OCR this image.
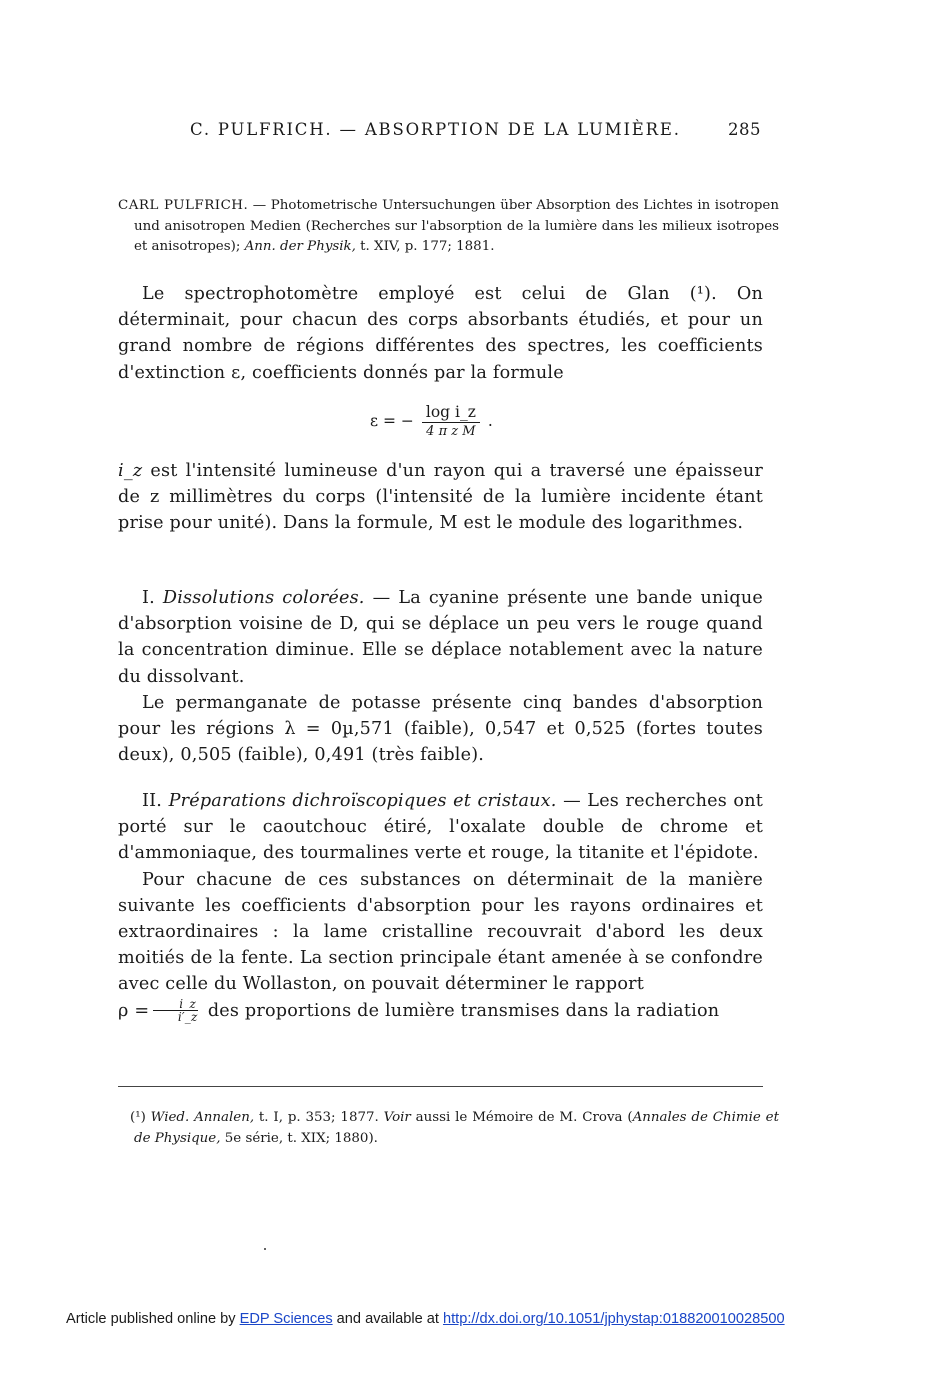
C. PULFRICH. — ABSORPTION DE LA LUMIÈRE.	285
CARL PULFRICH. — Photometrische Untersuchungen über Absorption des Lichtes in isotropen und anisotropen Medien (Recherches sur l'absorption de la lumière dans les milieux isotropes et anisotropes); Ann. der Physik, t. XIV, p. 177; 1881.

Le spectrophotomètre employé est celui de Glan (¹). On déterminait, pour chacun des corps absorbants étudiés, et pour un grand nombre de régions différentes des spectres, les coefficients d'extinction ε, coefficients donnés par la formule

ε = − $\frac{\text{log i\_z}}{\text{4 π z M}}$ .

i_z est l'intensité lumineuse d'un rayon qui a traversé une épaisseur de z millimètres du corps (l'intensité de la lumière incidente étant prise pour unité). Dans la formule, M est le module des logarithmes.

I. Dissolutions colorées. — La cyanine présente une bande unique d'absorption voisine de D, qui se déplace un peu vers le rouge quand la concentration diminue. Elle se déplace notablement avec la nature du dissolvant.

Le permanganate de potasse présente cinq bandes d'absorption pour les régions λ = 0µ,571 (faible), 0,547 et 0,525 (fortes toutes deux), 0,505 (faible), 0,491 (très faible).

II. Préparations dichroïscopiques et cristaux. — Les recherches ont porté sur le caoutchouc étiré, l'oxalate double de chrome et d'ammoniaque, des tourmalines verte et rouge, la titanite et l'épidote.

Pour chacune de ces substances on déterminait de la manière suivante les coefficients d'absorption pour les rayons ordinaires et extraordinaires : la lame cristalline recouvrait d'abord les deux moitiés de la fente. La section principale étant amenée à se confondre avec celle du Wollaston, on pouvait déterminer le rapport
$\rho = \frac{i\_z}{i'\_z}$ des proportions de lumière transmises dans la radiation

(¹) Wied. Annalen, t. I, p. 353; 1877. Voir aussi le Mémoire de M. Crova (Annales de Chimie et de Physique, 5e série, t. XIX; 1880).
Article published online by EDP Sciences and available at http://dx.doi.org/10.1051/jphystap:018820010028500
